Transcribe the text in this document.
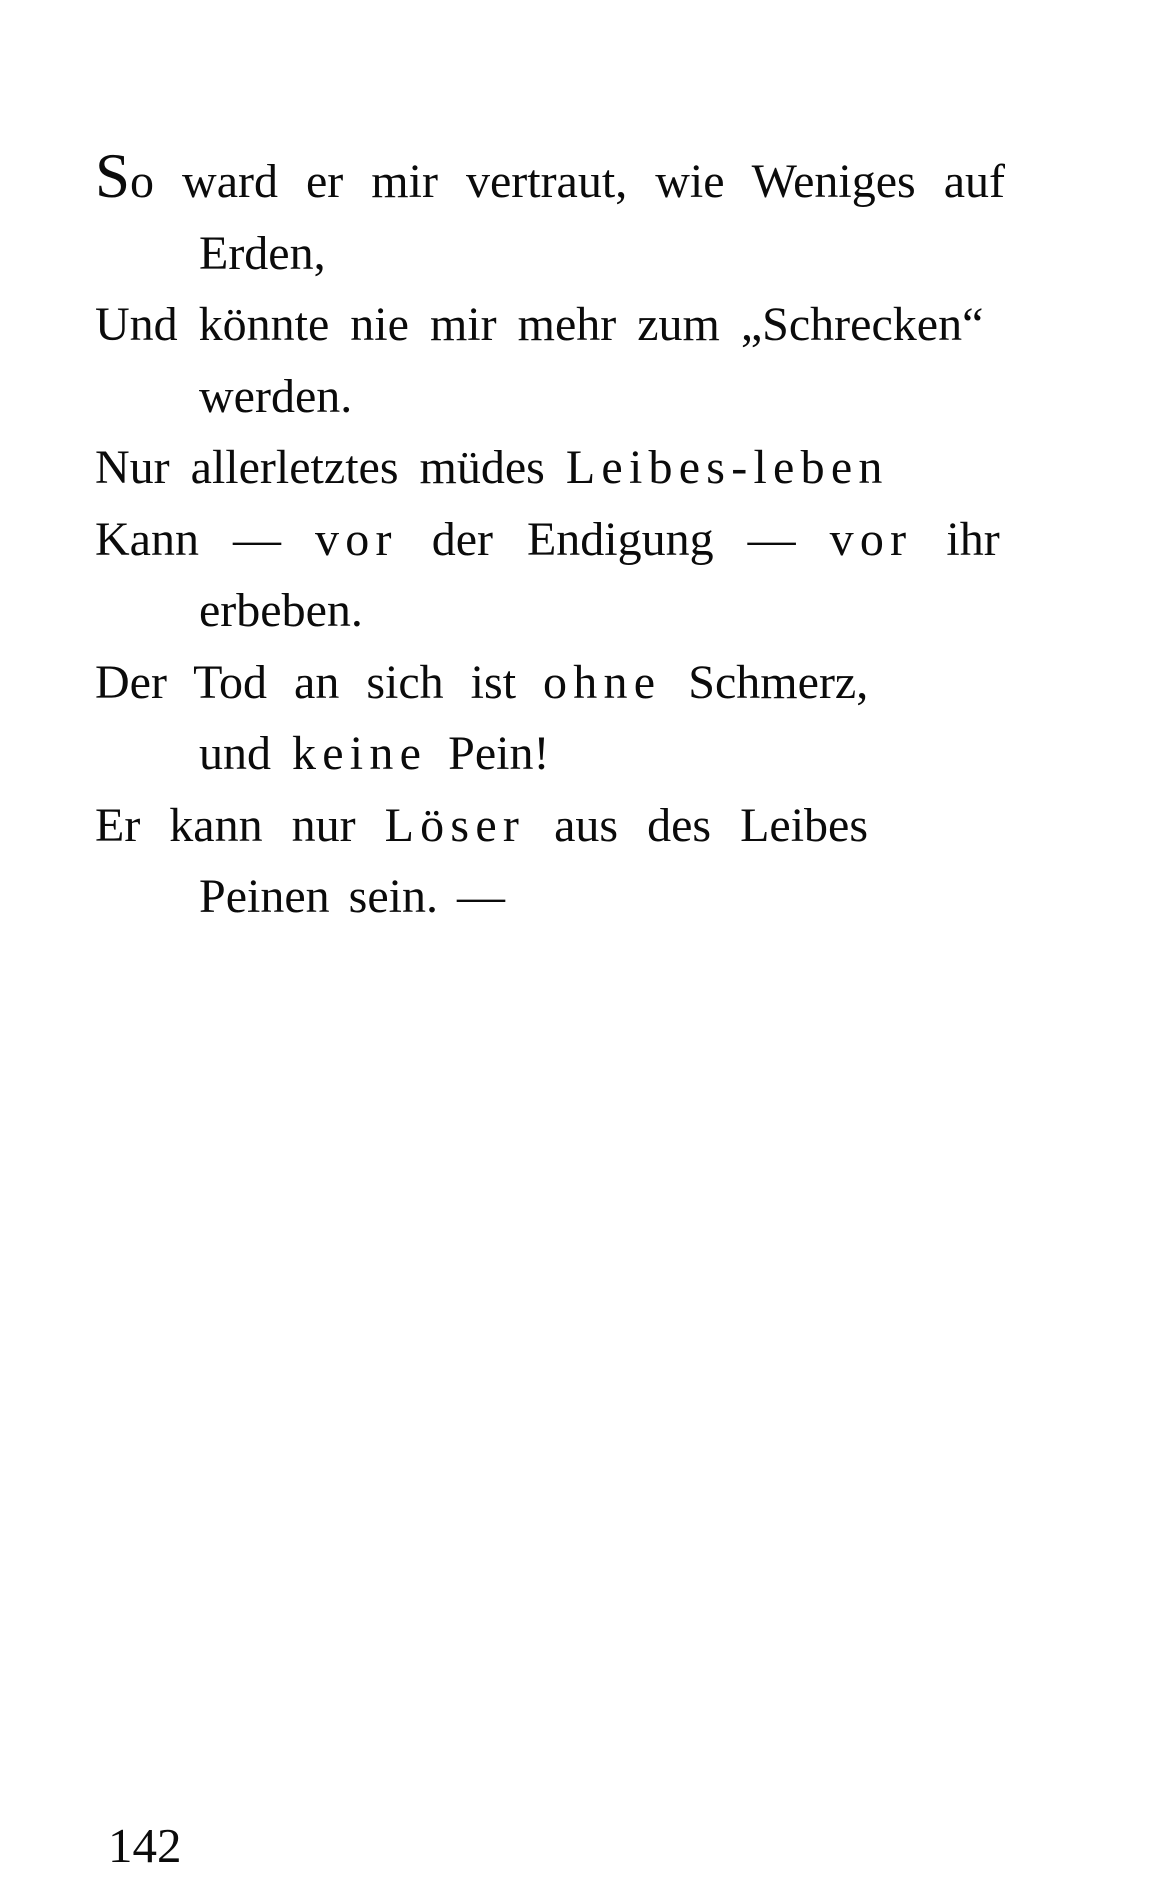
So ward er mir vertraut, wie Weniges auf
Erden,
Und könnte nie mir mehr zum „Schrecken“
werden.
Nur allerletztes müdes Leibes-leben
Kann — vor der Endigung — vor ihr
erbeben.
Der Tod an sich ist ohne Schmerz,
und keine Pein!
Er kann nur Löser aus des Leibes
Peinen sein. —
142
